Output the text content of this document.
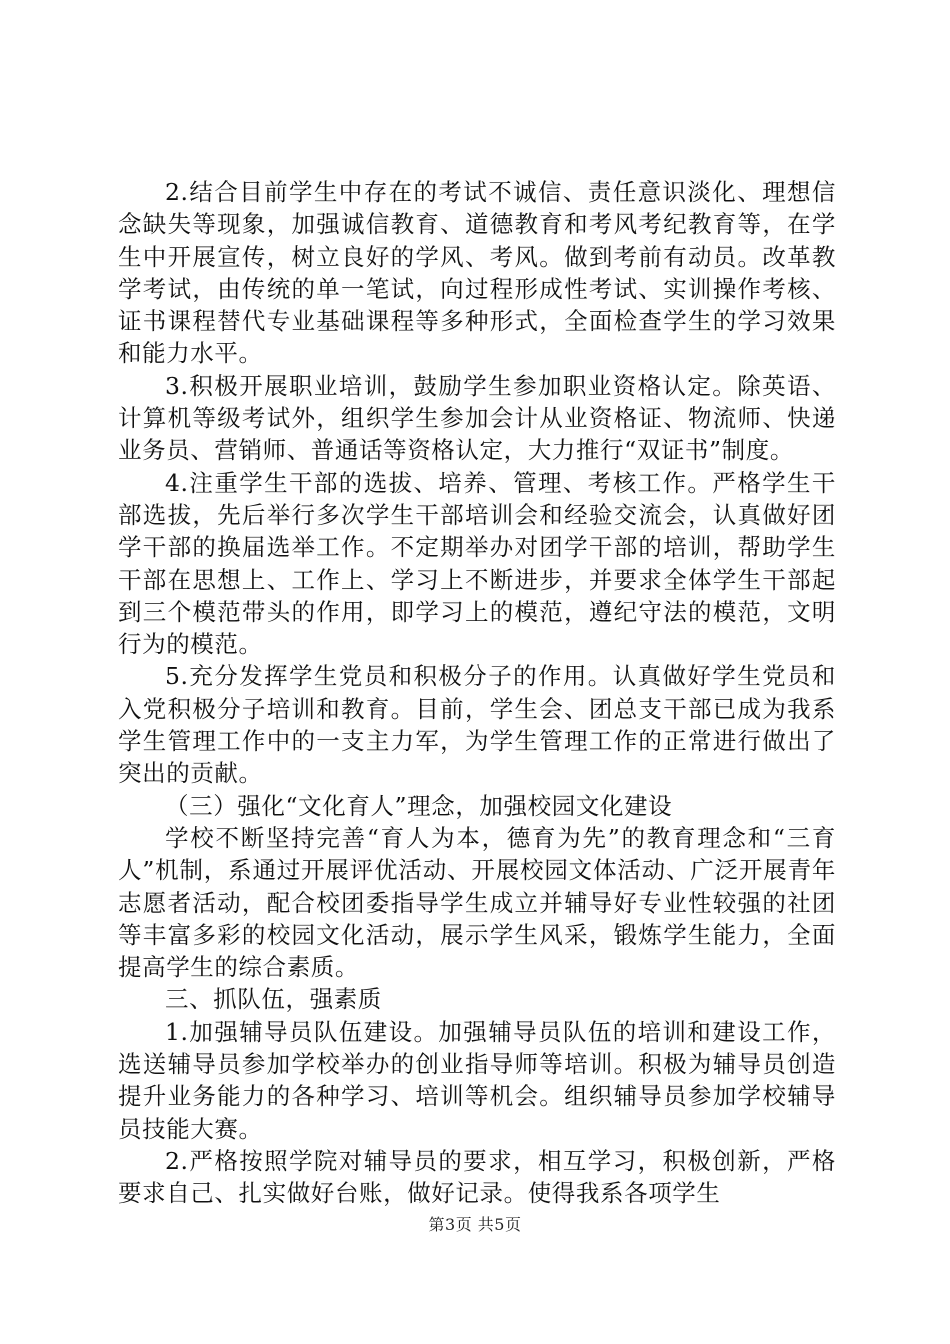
2.结合目前学生中存在的考试不诚信、责任意识淡化、理想信念缺失等现象，加强诚信教育、道德教育和考风考纪教育等，在学生中开展宣传，树立良好的学风、考风。做到考前有动员。改革教学考试，由传统的单一笔试，向过程形成性考试、实训操作考核、证书课程替代专业基础课程等多种形式，全面检查学生的学习效果和能力水平。

3.积极开展职业培训，鼓励学生参加职业资格认定。除英语、计算机等级考试外，组织学生参加会计从业资格证、物流师、快递业务员、营销师、普通话等资格认定，大力推行“双证书”制度。

4.注重学生干部的选拔、培养、管理、考核工作。严格学生干部选拔，先后举行多次学生干部培训会和经验交流会，认真做好团学干部的换届选举工作。不定期举办对团学干部的培训，帮助学生干部在思想上、工作上、学习上不断进步，并要求全体学生干部起到三个模范带头的作用，即学习上的模范，遵纪守法的模范，文明行为的模范。

5.充分发挥学生党员和积极分子的作用。认真做好学生党员和入党积极分子培训和教育。目前，学生会、团总支干部已成为我系学生管理工作中的一支主力军，为学生管理工作的正常进行做出了突出的贡献。

（三）强化“文化育人”理念，加强校园文化建设

学校不断坚持完善“育人为本，德育为先”的教育理念和“三育人”机制，系通过开展评优活动、开展校园文体活动、广泛开展青年志愿者活动，配合校团委指导学生成立并辅导好专业性较强的社团等丰富多彩的校园文化活动，展示学生风采，锻炼学生能力，全面提高学生的综合素质。

三、抓队伍，强素质

1.加强辅导员队伍建设。加强辅导员队伍的培训和建设工作，选送辅导员参加学校举办的创业指导师等培训。积极为辅导员创造提升业务能力的各种学习、培训等机会。组织辅导员参加学校辅导员技能大赛。

2.严格按照学院对辅导员的要求，相互学习，积极创新，严格要求自己、扎实做好台账，做好记录。使得我系各项学生

第3页 共5页
